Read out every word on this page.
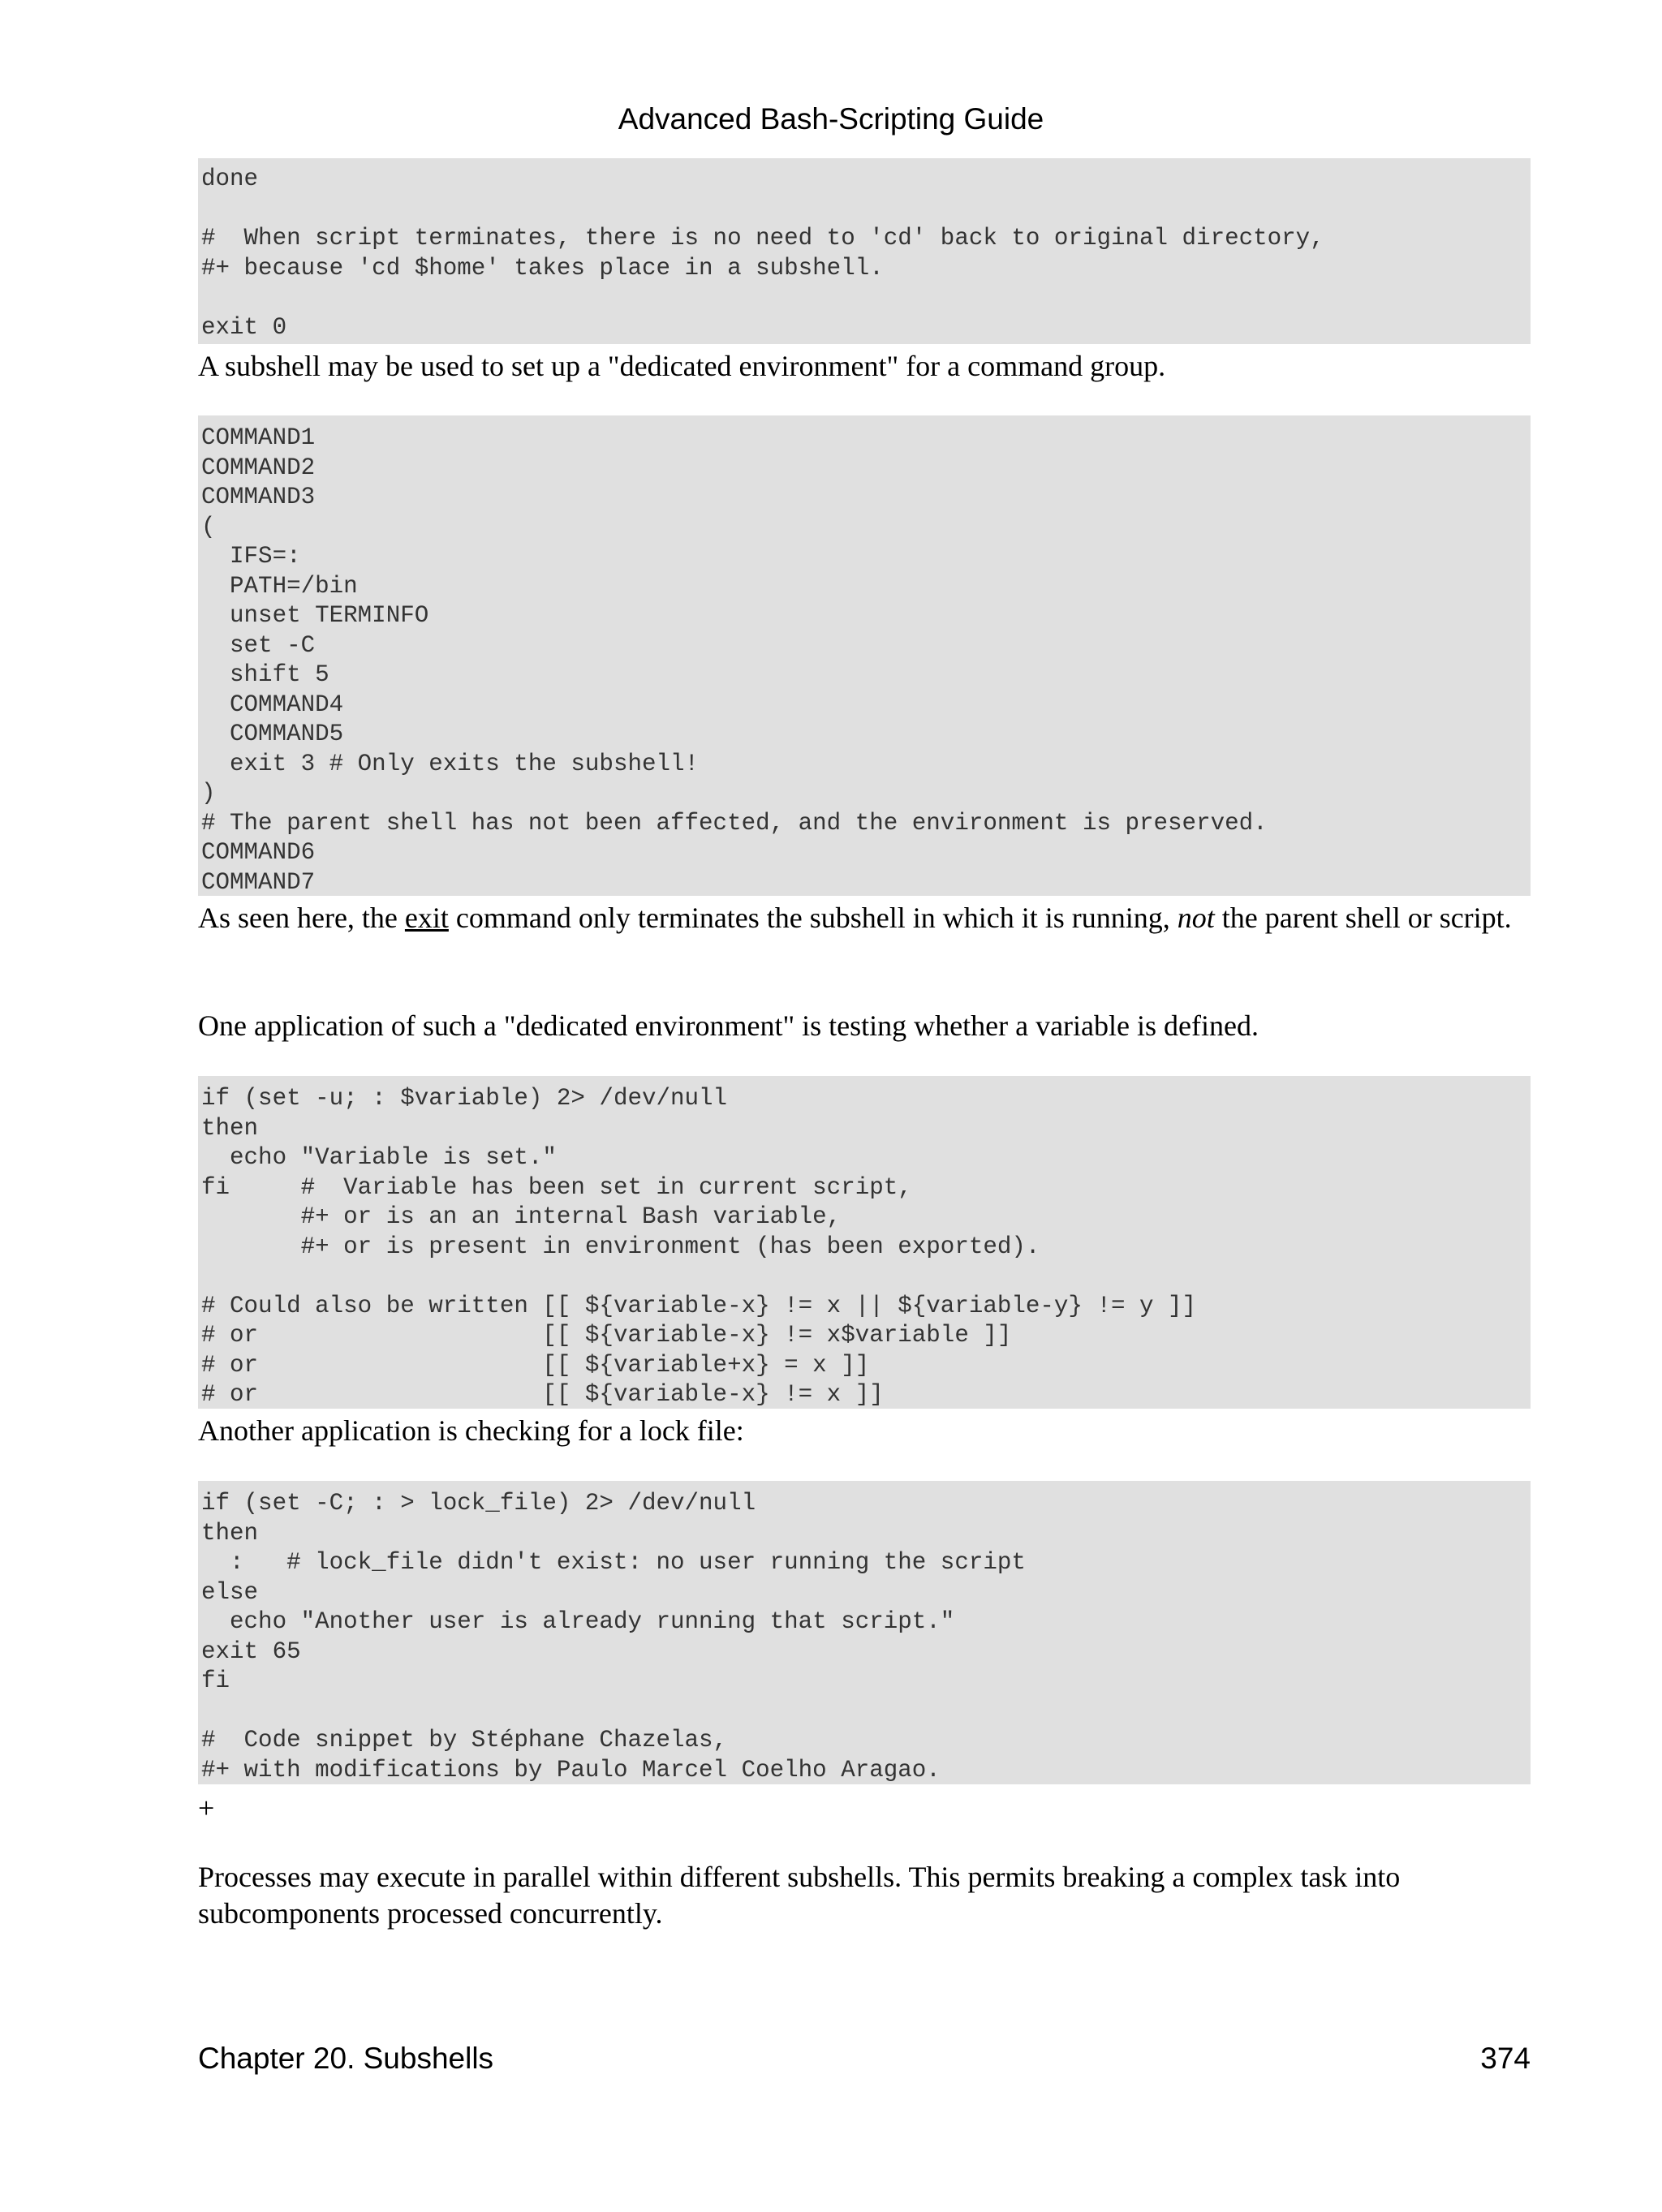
Advanced Bash-Scripting Guide
done

#  When script terminates, there is no need to 'cd' back to original directory,
#+ because 'cd $home' takes place in a subshell.

exit 0

A subshell may be used to set up a "dedicated environment" for a command group.

COMMAND1
COMMAND2
COMMAND3
(
IFS=:
PATH=/bin
unset TERMINFO
set -C
shift 5
COMMAND4
COMMAND5
exit 3 # Only exits the subshell!
)
# The parent shell has not been affected, and the environment is preserved.
COMMAND6
COMMAND7

As seen here, the exit command only terminates the subshell in which it is running, not the parent shell or script.

One application of such a "dedicated environment" is testing whether a variable is defined.

if (set -u; : $variable) 2> /dev/null
then
echo "Variable is set."
fi     #  Variable has been set in current script,
#+ or is an an internal Bash variable,
#+ or is present in environment (has been exported).

# Could also be written [[ ${variable-x} != x || ${variable-y} != y ]]
# or                    [[ ${variable-x} != x$variable ]]
# or                    [[ ${variable+x} = x ]]
# or                    [[ ${variable-x} != x ]]

Another application is checking for a lock file:

if (set -C; : > lock_file) 2> /dev/null
then
:   # lock_file didn't exist: no user running the script
else
echo "Another user is already running that script."
exit 65
fi

#  Code snippet by Stéphane Chazelas,
#+ with modifications by Paulo Marcel Coelho Aragao.

+

Processes may execute in parallel within different subshells. This permits breaking a complex task into subcomponents processed concurrently.

Chapter 20. Subshells	374
